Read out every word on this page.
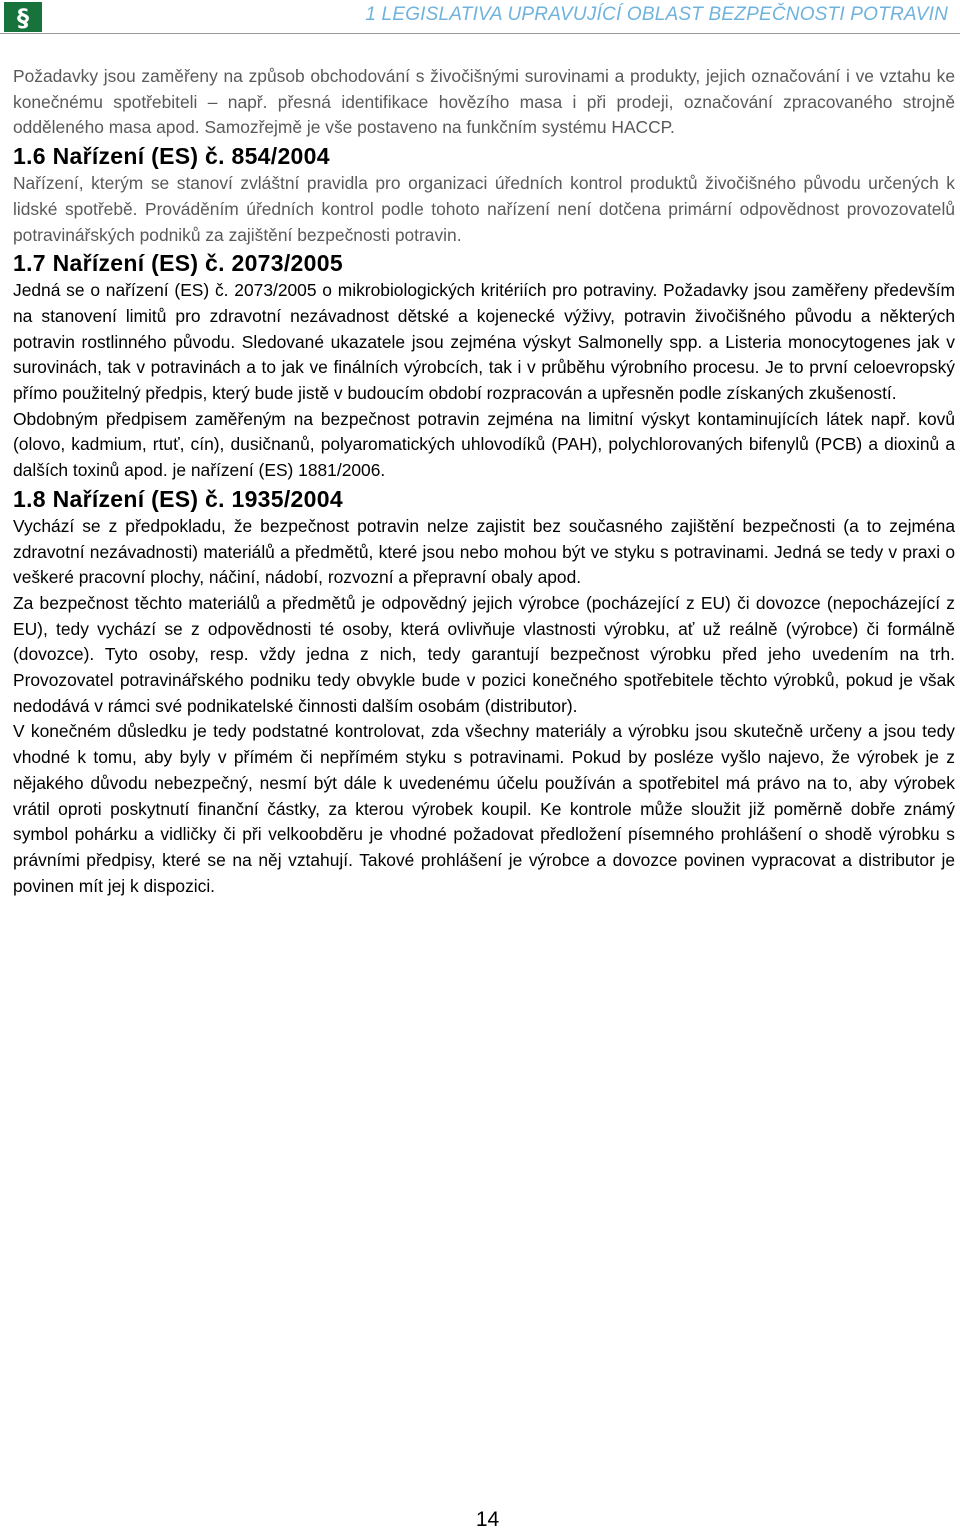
§	1 LEGISLATIVA UPRAVUJÍCÍ OBLAST BEZPEČNOSTI POTRAVIN

Požadavky jsou zaměřeny na způsob obchodování s živočišnými surovinami a produkty, jejich označování i ve vztahu ke konečnému spotřebiteli – např. přesná identifikace hovězího masa i při prodeji, označování zpracovaného strojně odděleného masa apod. Samozřejmě je vše postaveno na funkčním systému HACCP.

1.6 Nařízení (ES) č. 854/2004

Nařízení, kterým se stanoví zvláštní pravidla pro organizaci úředních kontrol produktů živočišného původu určených k lidské spotřebě. Prováděním úředních kontrol podle tohoto nařízení není dotčena primární odpovědnost provozovatelů potravinářských podniků za zajištění bezpečnosti potravin.

1.7 Nařízení (ES) č. 2073/2005

Jedná se o nařízení (ES) č. 2073/2005 o mikrobiologických kritériích pro potraviny. Požadavky jsou zaměřeny především na stanovení limitů pro zdravotní nezávadnost dětské a kojenecké výživy, potravin živočišného původu a některých potravin rostlinného původu. Sledované ukazatele jsou zejména výskyt Salmonelly spp. a Listeria monocytogenes jak v surovinách, tak v potravinách a to jak ve finálních výrobcích, tak i v průběhu výrobního procesu. Je to první celoevropský přímo použitelný předpis, který bude jistě v budoucím období rozpracován a upřesněn podle získaných zkušeností.

Obdobným předpisem zaměřeným na bezpečnost potravin zejména na limitní výskyt kontaminujících látek např. kovů (olovo, kadmium, rtuť, cín), dusičnanů, polyaromatických uhlovodíků (PAH), polychlorovaných bifenylů (PCB) a dioxinů a dalších toxinů apod. je nařízení (ES) 1881/2006.

1.8 Nařízení (ES) č. 1935/2004

Vychází se z předpokladu, že bezpečnost potravin nelze zajistit bez současného zajištění bezpečnosti (a to zejména zdravotní nezávadnosti) materiálů a předmětů, které jsou nebo mohou být ve styku s potravinami. Jedná se tedy v praxi o veškeré pracovní plochy, náčiní, nádobí, rozvozní a přepravní obaly apod.

Za bezpečnost těchto materiálů a předmětů je odpovědný jejich výrobce (pocházející z EU) či dovozce (nepocházející z EU), tedy vychází se z odpovědnosti té osoby, která ovlivňuje vlastnosti výrobku, ať už reálně (výrobce) či formálně (dovozce). Tyto osoby, resp. vždy jedna z nich, tedy garantují bezpečnost výrobku před jeho uvedením na trh. Provozovatel potravinářského podniku tedy obvykle bude v pozici konečného spotřebitele těchto výrobků, pokud je však nedodává v rámci své podnikatelské činnosti dalším osobám (distributor).

V konečném důsledku je tedy podstatné kontrolovat, zda všechny materiály a výrobku jsou skutečně určeny a jsou tedy vhodné k tomu, aby byly v přímém či nepřímém styku s potravinami. Pokud by posléze vyšlo najevo, že výrobek je z nějakého důvodu nebezpečný, nesmí být dále k uvedenému účelu používán a spotřebitel má právo na to, aby výrobek vrátil oproti poskytnutí finanční částky, za kterou výrobek koupil. Ke kontrole může sloužit již poměrně dobře známý symbol pohárku a vidličky či při velkoobděru je vhodné požadovat předložení písemného prohlášení o shodě výrobku s právními předpisy, které se na něj vztahují. Takové prohlášení je výrobce a dovozce povinen vypracovat a distributor je povinen mít jej k dispozici.

14
